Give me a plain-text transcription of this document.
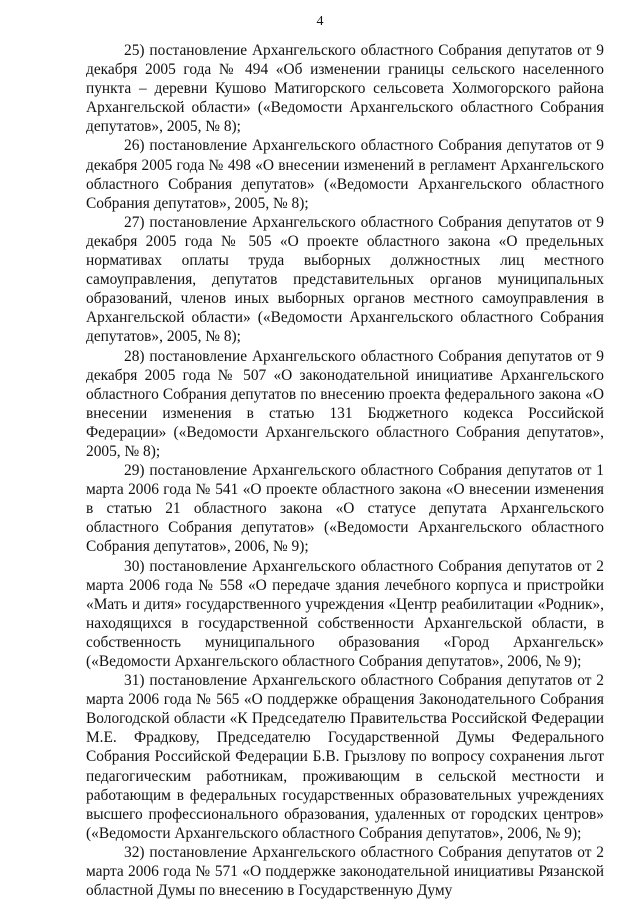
4

25) постановление Архангельского областного Собрания депутатов от 9 декабря 2005 года № 494 «Об изменении границы сельского населенного пункта – деревни Кушово Матигорского сельсовета Холмогорского района Архангельской области» («Ведомости Архангельского областного Собрания депутатов», 2005, № 8);

26) постановление Архангельского областного Собрания депутатов от 9 декабря 2005 года № 498 «О внесении изменений в регламент Архангельского областного Собрания депутатов» («Ведомости Архангельского областного Собрания депутатов», 2005, № 8);

27) постановление Архангельского областного Собрания депутатов от 9 декабря 2005 года № 505 «О проекте областного закона «О предельных нормативах оплаты труда выборных должностных лиц местного самоуправления, депутатов представительных органов муниципальных образований, членов иных выборных органов местного самоуправления в Архангельской области» («Ведомости Архангельского областного Собрания депутатов», 2005, № 8);

28) постановление Архангельского областного Собрания депутатов от 9 декабря 2005 года № 507 «О законодательной инициативе Архангельского областного Собрания депутатов по внесению проекта федерального закона «О внесении изменения в статью 131 Бюджетного кодекса Российской Федерации» («Ведомости Архангельского областного Собрания депутатов», 2005, № 8);

29) постановление Архангельского областного Собрания депутатов от 1 марта 2006 года № 541 «О проекте областного закона «О внесении изменения в статью 21 областного закона «О статусе депутата Архангельского областного Собрания депутатов» («Ведомости Архангельского областного Собрания депутатов», 2006, № 9);

30) постановление Архангельского областного Собрания депутатов от 2 марта 2006 года № 558 «О передаче здания лечебного корпуса и пристройки «Мать и дитя» государственного учреждения «Центр реабилитации «Родник», находящихся в государственной собственности Архангельской области, в собственность муниципального образования «Город Архангельск» («Ведомости Архангельского областного Собрания депутатов», 2006, № 9);

31) постановление Архангельского областного Собрания депутатов от 2 марта 2006 года № 565 «О поддержке обращения Законодательного Собрания Вологодской области «К Председателю Правительства Российской Федерации М.Е. Фрадкову, Председателю Государственной Думы Федерального Собрания Российской Федерации Б.В. Грызлову по вопросу сохранения льгот педагогическим работникам, проживающим в сельской местности и работающим в федеральных государственных образовательных учреждениях высшего профессионального образования, удаленных от городских центров» («Ведомости Архангельского областного Собрания депутатов», 2006, № 9);

32) постановление Архангельского областного Собрания депутатов от 2 марта 2006 года № 571 «О поддержке законодательной инициативы Рязанской областной Думы по внесению в Государственную Думу
